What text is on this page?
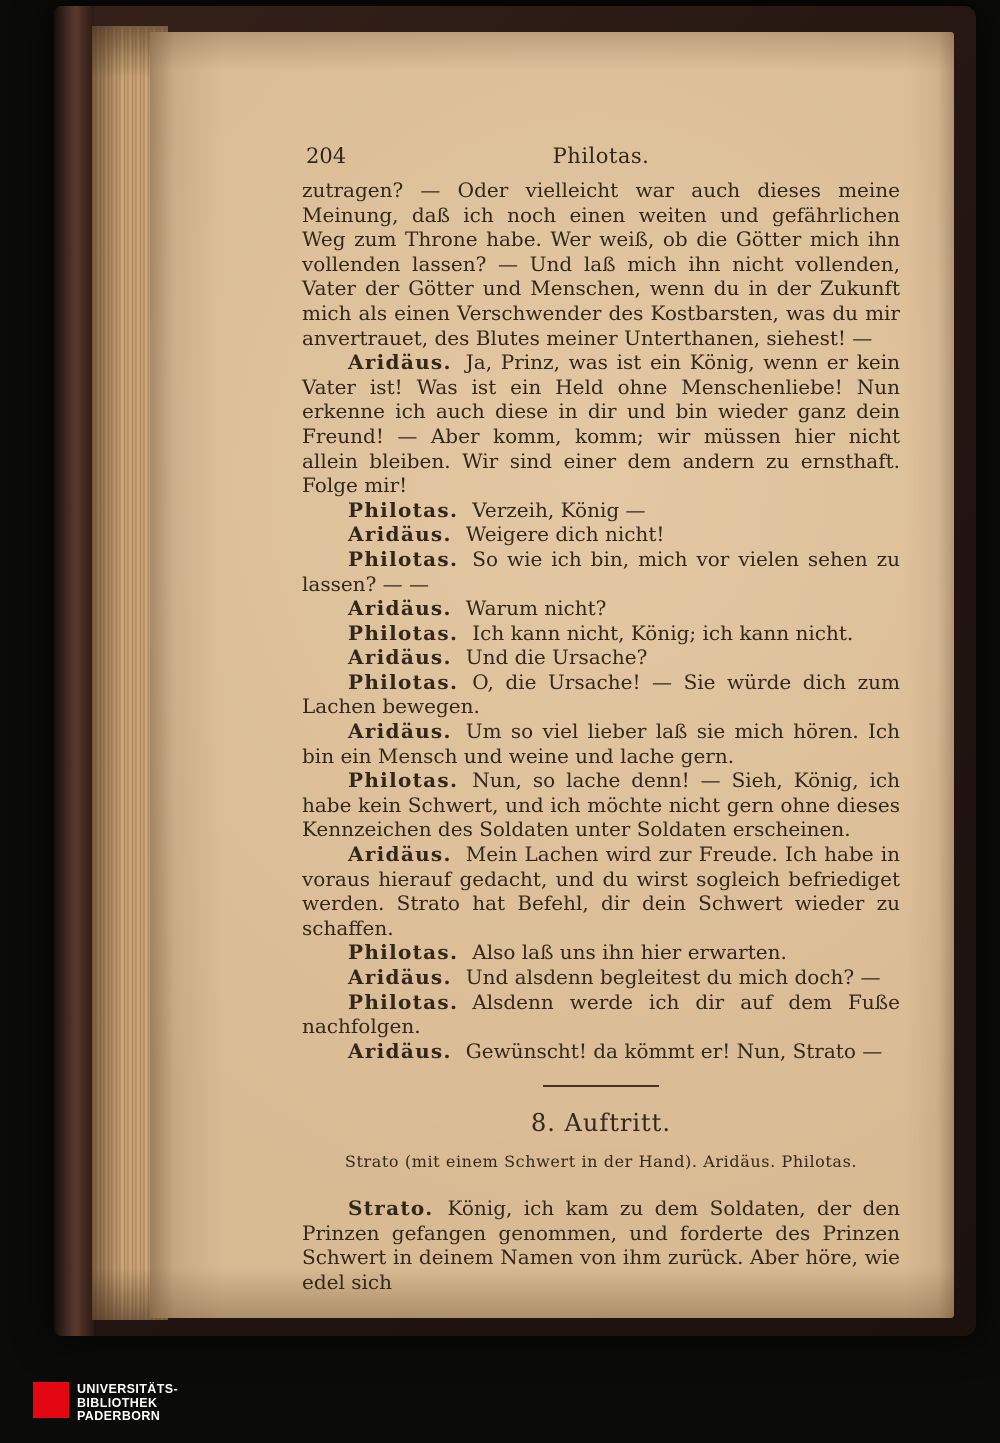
204	Philotas.

zutragen? — Oder vielleicht war auch dieses meine Meinung, daß ich noch einen weiten und gefährlichen Weg zum Throne habe. Wer weiß, ob die Götter mich ihn vollenden lassen? — Und laß mich ihn nicht vollenden, Vater der Götter und Menschen, wenn du in der Zukunft mich als einen Verschwender des Kostbarsten, was du mir anvertrauet, des Blutes meiner Unterthanen, siehest! —

Aridäus. Ja, Prinz, was ist ein König, wenn er kein Vater ist! Was ist ein Held ohne Menschenliebe! Nun erkenne ich auch diese in dir und bin wieder ganz dein Freund! — Aber komm, komm; wir müssen hier nicht allein bleiben. Wir sind einer dem andern zu ernsthaft. Folge mir!

Philotas. Verzeih, König —

Aridäus. Weigere dich nicht!

Philotas. So wie ich bin, mich vor vielen sehen zu lassen? — —

Aridäus. Warum nicht?

Philotas. Ich kann nicht, König; ich kann nicht.

Aridäus. Und die Ursache?

Philotas. O, die Ursache! — Sie würde dich zum Lachen bewegen.

Aridäus. Um so viel lieber laß sie mich hören. Ich bin ein Mensch und weine und lache gern.

Philotas. Nun, so lache denn! — Sieh, König, ich habe kein Schwert, und ich möchte nicht gern ohne dieses Kennzeichen des Soldaten unter Soldaten erscheinen.

Aridäus. Mein Lachen wird zur Freude. Ich habe in voraus hierauf gedacht, und du wirst sogleich befriediget werden. Strato hat Befehl, dir dein Schwert wieder zu schaffen.

Philotas. Also laß uns ihn hier erwarten.

Aridäus. Und alsdenn begleitest du mich doch? —

Philotas. Alsdenn werde ich dir auf dem Fuße nachfolgen.

Aridäus. Gewünscht! da kömmt er! Nun, Strato —

8. Auftritt.

Strato (mit einem Schwert in der Hand). Aridäus. Philotas.

Strato. König, ich kam zu dem Soldaten, der den Prinzen gefangen genommen, und forderte des Prinzen Schwert in deinem Namen von ihm zurück. Aber höre, wie edel sich

UNIVERSITÄTS-
BIBLIOTHEK
PADERBORN
